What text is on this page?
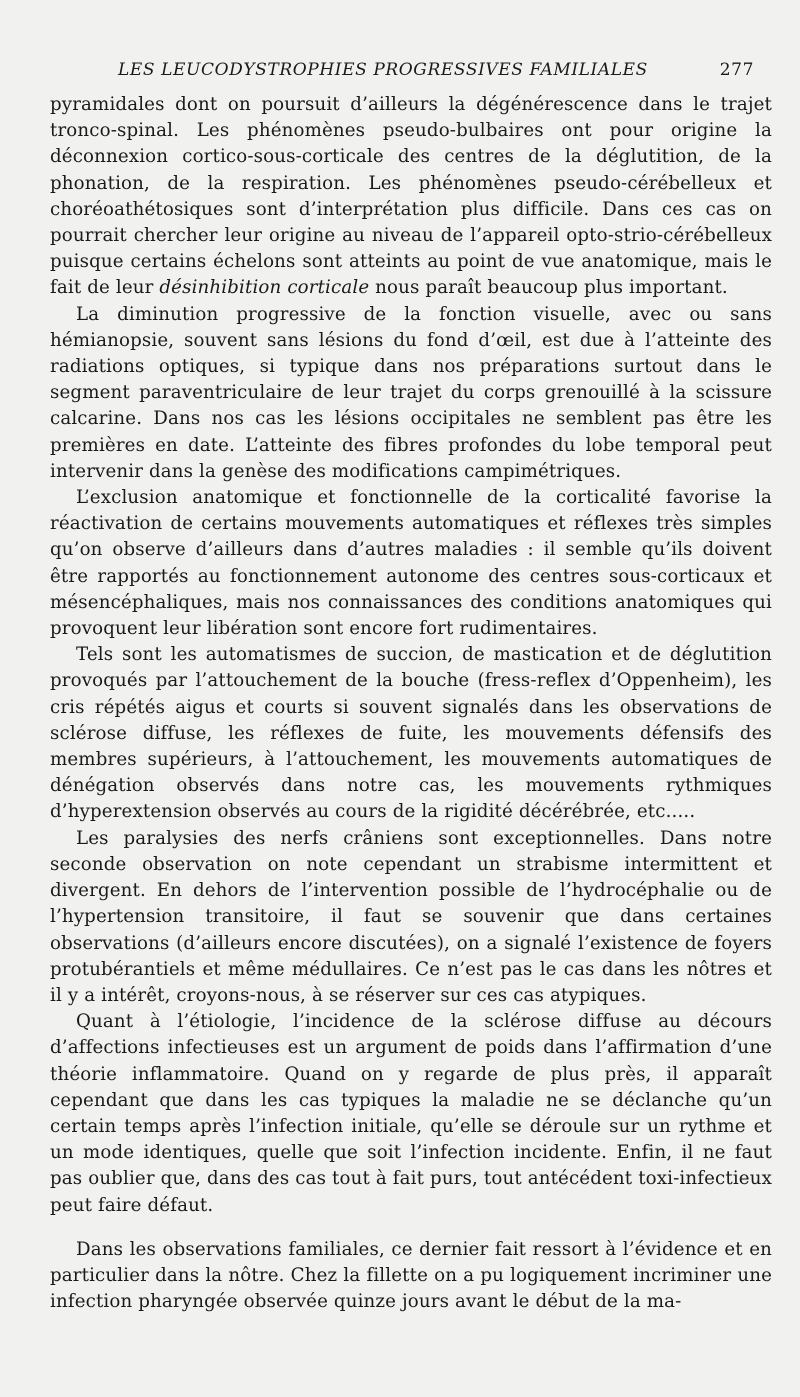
LES LEUCODYSTROPHIES PROGRESSIVES FAMILIALES	277

pyramidales dont on poursuit d’ailleurs la dégénérescence dans le trajet tronco-spinal. Les phénomènes pseudo-bulbaires ont pour origine la déconnexion cortico-sous-corticale des centres de la déglutition, de la phonation, de la respiration. Les phénomènes pseudo-cérébelleux et choréoathétosiques sont d’interprétation plus difficile. Dans ces cas on pourrait chercher leur origine au niveau de l’appareil opto-strio-cérébelleux puisque certains échelons sont atteints au point de vue anatomique, mais le fait de leur désinhibition corticale nous paraît beaucoup plus important.

La diminution progressive de la fonction visuelle, avec ou sans hémianopsie, souvent sans lésions du fond d’œil, est due à l’atteinte des radiations optiques, si typique dans nos préparations surtout dans le segment paraventriculaire de leur trajet du corps grenouillé à la scissure calcarine. Dans nos cas les lésions occipitales ne semblent pas être les premières en date. L’atteinte des fibres profondes du lobe temporal peut intervenir dans la genèse des modifications campimétriques.

L’exclusion anatomique et fonctionnelle de la corticalité favorise la réactivation de certains mouvements automatiques et réflexes très simples qu’on observe d’ailleurs dans d’autres maladies : il semble qu’ils doivent être rapportés au fonctionnement autonome des centres sous-corticaux et mésencéphaliques, mais nos connaissances des conditions anatomiques qui provoquent leur libération sont encore fort rudimentaires.

Tels sont les automatismes de succion, de mastication et de déglutition provoqués par l’attouchement de la bouche (fress-reflex d’Oppenheim), les cris répétés aigus et courts si souvent signalés dans les observations de sclérose diffuse, les réflexes de fuite, les mouvements défensifs des membres supérieurs, à l’attouchement, les mouvements automatiques de dénégation observés dans notre cas, les mouvements rythmiques d’hyperextension observés au cours de la rigidité décérébrée, etc.....

Les paralysies des nerfs crâniens sont exceptionnelles. Dans notre seconde observation on note cependant un strabisme intermittent et divergent. En dehors de l’intervention possible de l’hydrocéphalie ou de l’hypertension transitoire, il faut se souvenir que dans certaines observations (d’ailleurs encore discutées), on a signalé l’existence de foyers protubérantiels et même médullaires. Ce n’est pas le cas dans les nôtres et il y a intérêt, croyons-nous, à se réserver sur ces cas atypiques.

Quant à l’étiologie, l’incidence de la sclérose diffuse au décours d’affections infectieuses est un argument de poids dans l’affirmation d’une théorie inflammatoire. Quand on y regarde de plus près, il apparaît cependant que dans les cas typiques la maladie ne se déclanche qu’un certain temps après l’infection initiale, qu’elle se déroule sur un rythme et un mode identiques, quelle que soit l’infection incidente. Enfin, il ne faut pas oublier que, dans des cas tout à fait purs, tout antécédent toxi-infectieux peut faire défaut.

Dans les observations familiales, ce dernier fait ressort à l’évidence et en particulier dans la nôtre. Chez la fillette on a pu logiquement incriminer une infection pharyngée observée quinze jours avant le début de la ma-
